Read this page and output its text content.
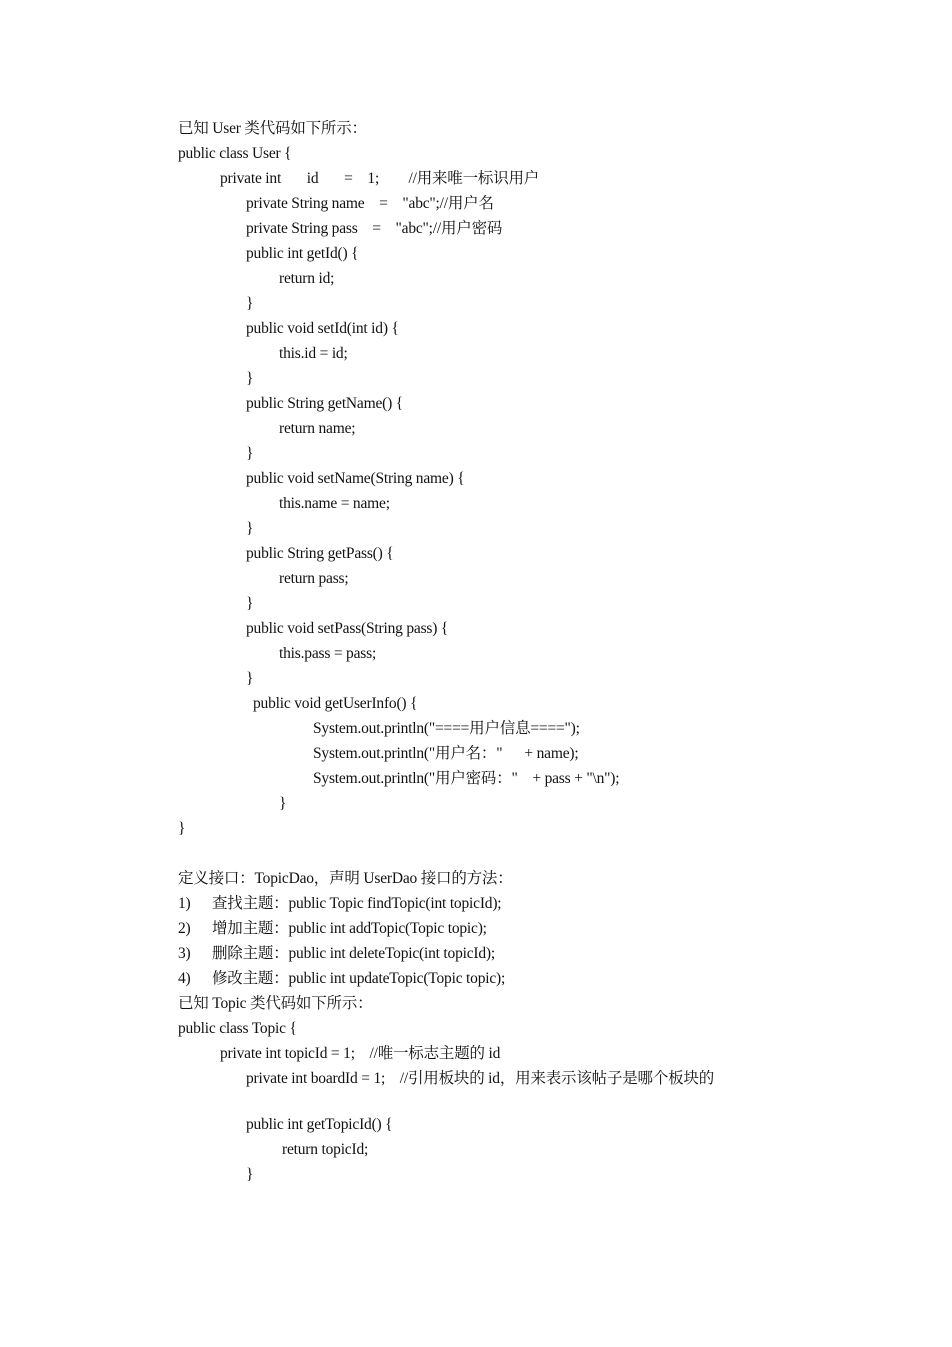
已知 User 类代码如下所示：
public class User {
private int       id       =    1;        //用来唯一标识用户
private String name    =    "abc";//用户名
private String pass    =    "abc";//用户密码
public int getId() {
return id;
}
public void setId(int id) {
this.id = id;
}
public String getName() {
return name;
}
public void setName(String name) {
this.name = name;
}
public String getPass() {
return pass;
}
public void setPass(String pass) {
this.pass = pass;
}
public void getUserInfo() {
System.out.println("====用户信息====");
System.out.println("用户名："      + name);
System.out.println("用户密码："    + pass + "\n");
}
}
定义接口：TopicDao，声明 UserDao 接口的方法：
1) 查找主题：public Topic findTopic(int topicId);
2) 增加主题：public int addTopic(Topic topic);
3) 删除主题：public int deleteTopic(int topicId);
4) 修改主题：public int updateTopic(Topic topic);
已知 Topic 类代码如下所示：
public class Topic {
private int topicId = 1;    //唯一标志主题的 id
private int boardId = 1;    //引用板块的 id，用来表示该帖子是哪个板块的
public int getTopicId() {
return topicId;
}
